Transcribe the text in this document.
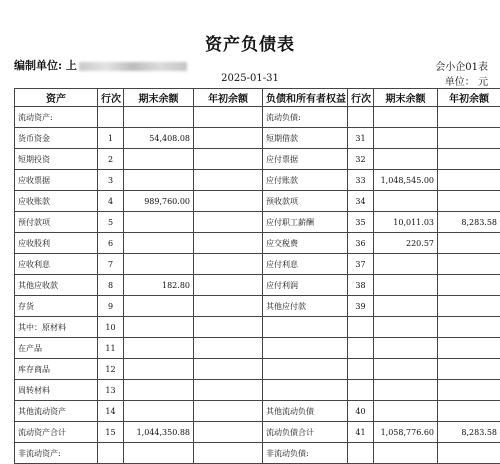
资产负债表
编制单位: 上	会小企01表
2025-01-31	单位： 元
资产	行次	期末余额	年初余额	负债和所有者权益	行次	期末余额	年初余额
流动资产:				流动负债:			
货币资金	1	54,408.08		短期借款	31		
短期投资	2			应付票据	32		
应收票据	3			应付账款	33	1,048,545.00	
应收账款	4	989,760.00		预收款项	34		
预付款项	5			应付职工薪酬	35	10,011.03	8,283.58
应收股利	6			应交税费	36	220.57	
应收利息	7			应付利息	37		
其他应收款	8	182.80		应付利润	38		
存货	9			其他应付款	39		
其中：原材料	10						
在产品	11						
库存商品	12						
周转材料	13						
其他流动资产	14			其他流动负债	40		
流动资产合计	15	1,044,350.88		流动负债合计	41	1,058,776.60	8,283.58
非流动资产:				非流动负债:			
